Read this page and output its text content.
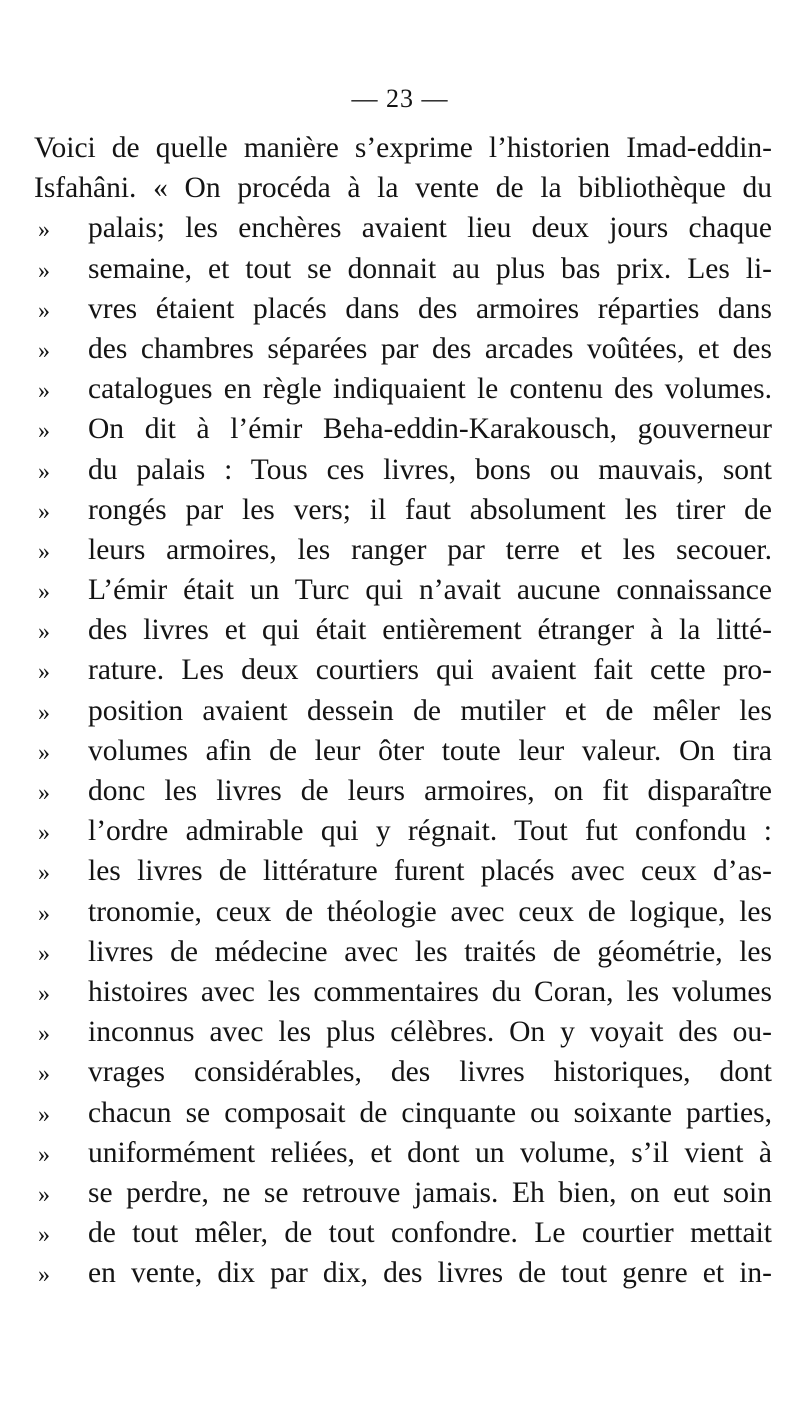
— 23 —
Voici de quelle manière s’exprime l’historien Imad-eddin-
Isfahâni. « On procéda à la vente de la bibliothèque du
»	palais; les enchères avaient lieu deux jours chaque
»	semaine, et tout se donnait au plus bas prix. Les li-
»	vres étaient placés dans des armoires réparties dans
»	des chambres séparées par des arcades voûtées, et des
»	catalogues en règle indiquaient le contenu des volumes.
»	On dit à l’émir Beha-eddin-Karakousch, gouverneur
»	du palais : Tous ces livres, bons ou mauvais, sont
»	rongés par les vers; il faut absolument les tirer de
»	leurs armoires, les ranger par terre et les secouer.
»	L’émir était un Turc qui n’avait aucune connaissance
»	des livres et qui était entièrement étranger à la litté-
»	rature. Les deux courtiers qui avaient fait cette pro-
»	position avaient dessein de mutiler et de mêler les
»	volumes afin de leur ôter toute leur valeur. On tira
»	donc les livres de leurs armoires, on fit disparaître
»	l’ordre admirable qui y régnait. Tout fut confondu :
»	les livres de littérature furent placés avec ceux d’as-
»	tronomie, ceux de théologie avec ceux de logique, les
»	livres de médecine avec les traités de géométrie, les
»	histoires avec les commentaires du Coran, les volumes
»	inconnus avec les plus célèbres. On y voyait des ou-
»	vrages considérables, des livres historiques, dont
»	chacun se composait de cinquante ou soixante parties,
»	uniformément reliées, et dont un volume, s’il vient à
»	se perdre, ne se retrouve jamais. Eh bien, on eut soin
»	de tout mêler, de tout confondre. Le courtier mettait
»	en vente, dix par dix, des livres de tout genre et in-
